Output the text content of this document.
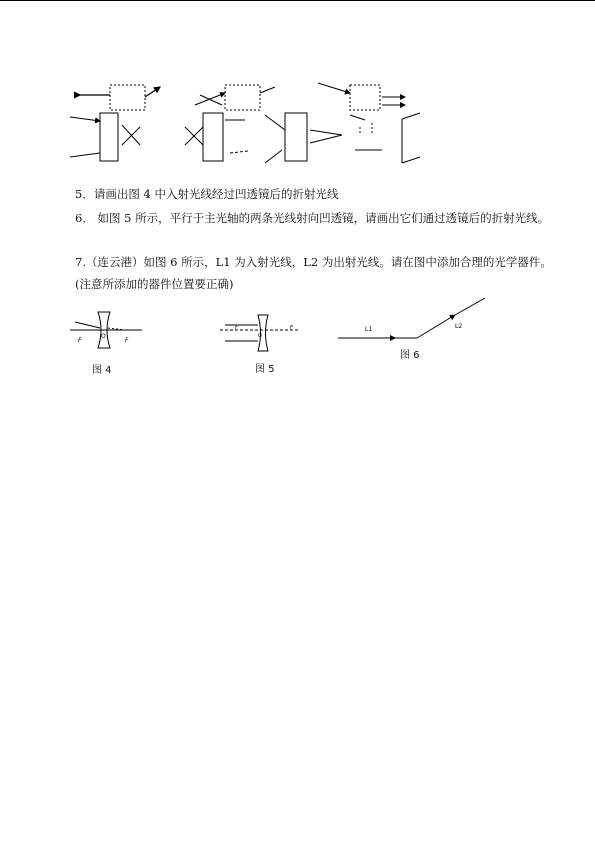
5．请画出图 4 中入射光线经过凹透镜后的折射光线
6． 如图 5 所示，平行于主光轴的两条光线射向凹透镜，请画出它们通过透镜后的折射光线。
7.（连云港）如图 6 所示，L1 为入射光线，L2 为出射光线。请在图中添加合理的光学器件。(注意所添加的器件位置要正确)
F
O
F
图 4
F
O
F
图 5
L1	L2
图 6
